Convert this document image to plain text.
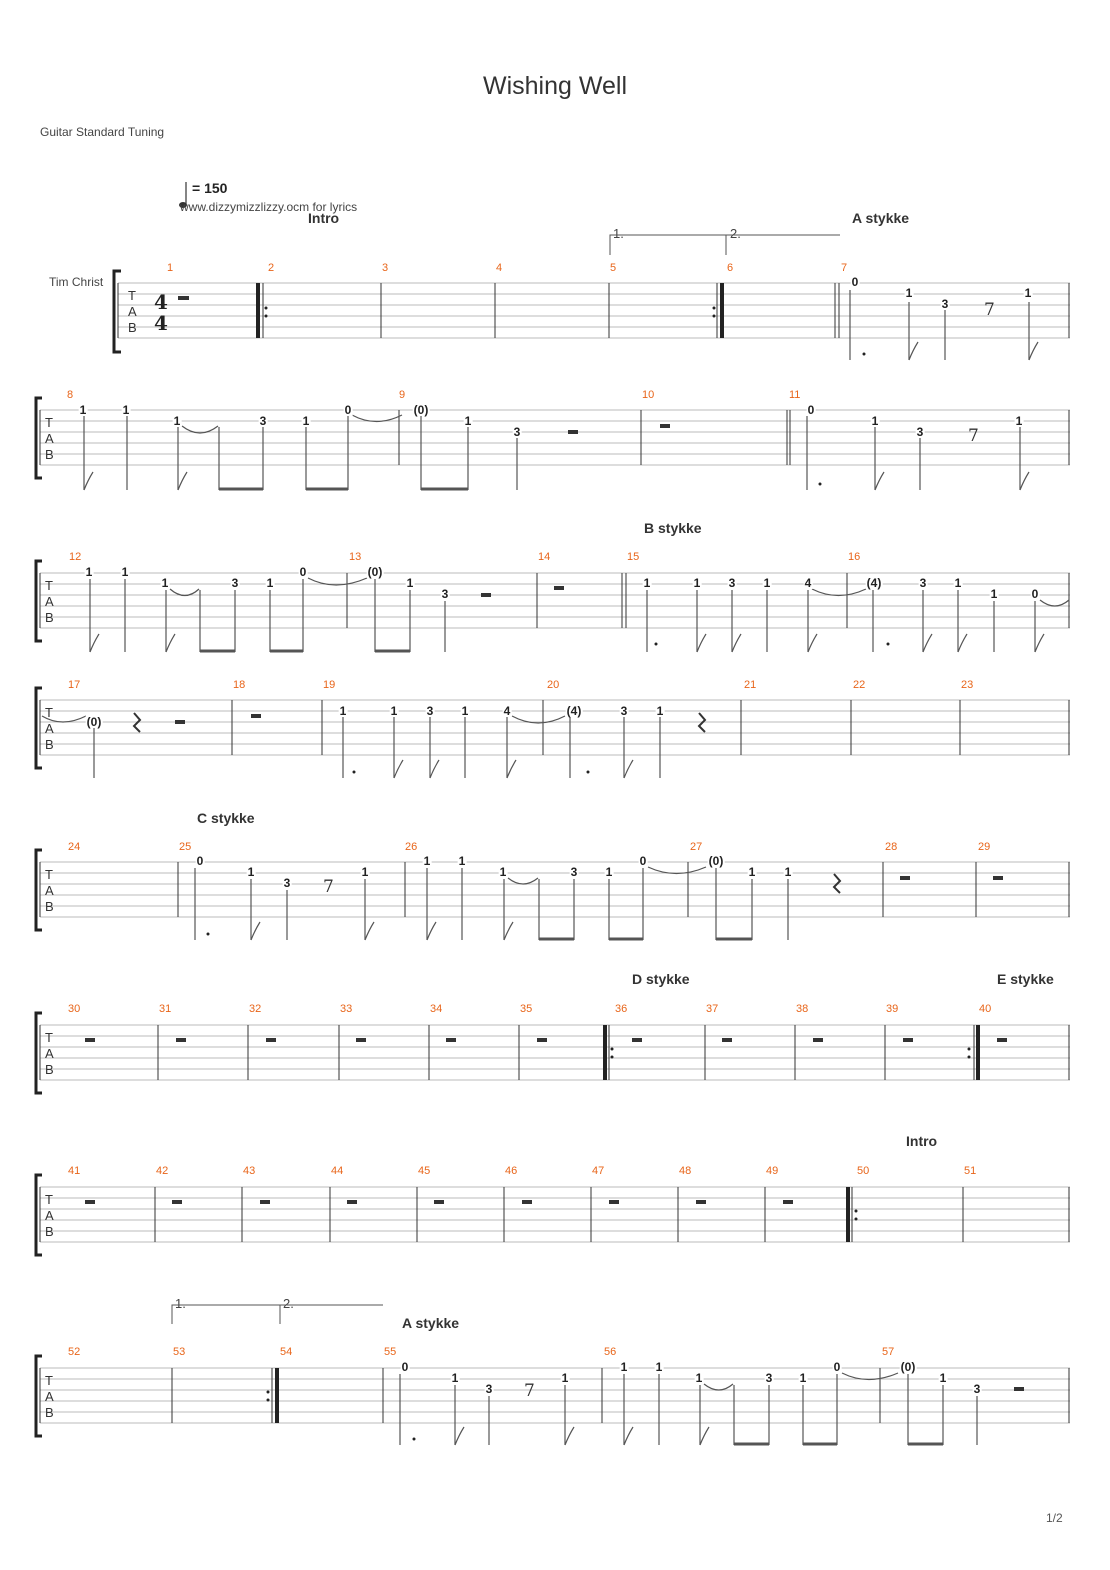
Wishing Well
Guitar Standard Tuning
= 150
www.dizzymizzlizzy.ocm for lyrics
1/2
Intro	A stykke
1.	2.
Tim Christ
T
A
B
4
4
7
0
1
3
1
1	2	3	4	5	6	7
T
A
B
7
1	1
1	3	1
0	(0)
1
3
0
1
3
1
8	9	10	11
B stykke
T
A
B
1 1
1	3 1
0	(0)
1
3
1	1 3 1	4	(4)	3 1
1	0
12	13	14	15	16
T
A
B
(0)
1	1 3 1	4	(4)	3 1
17	18	19	20	21	22	23
C stykke
T
A
B
7
0
1
3
1
1 1
1	3 1
0	(0)
1 1
24	25	26	27	28	29
D stykke	E stykke
T
A
B
30	31	32	33	34	35	36	37	38	39	40
Intro
T
A
B
41	42	43	44	45	46	47	48	49	50	51
1.	2.
A stykke
T
A
B
7
0
1
3
1
1 1
1	3 1
0	(0)
1
3
52	53	54	55	56	57
